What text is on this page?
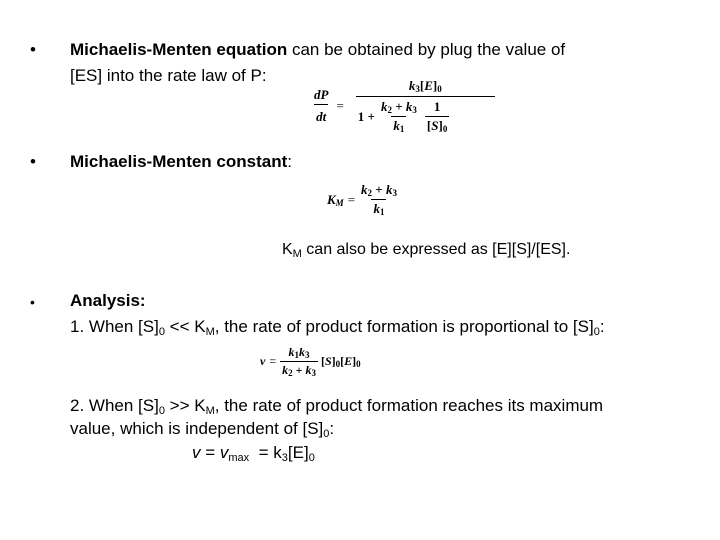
• Michaelis-Menten equation can be obtained by plug the value of
[ES] into the rate law of P:
$\frac{dP}{dt}$ =
$k_3[E]_0$
$1 + \frac{k_2 + k_3}{k_1} \frac{1}{[S]_0}$
• Michaelis-Menten constant:
$K_M = \frac{k_2 + k_3}{k_1}$
$K_M$ can also be expressed as [E][S]/[ES].
• Analysis:
1. When $[S]_0 << K_M$, the rate of product formation is proportional to $[S]_0$:
$v = \frac{k_1k_3}{k_2 + k_3} [S]_0[E]_0$
2. When $[S]_0 >> K_M$, the rate of product formation reaches its maximum
value, which is independent of $[S]_0$:
$v = v_{max} = k_3[E]_0$
